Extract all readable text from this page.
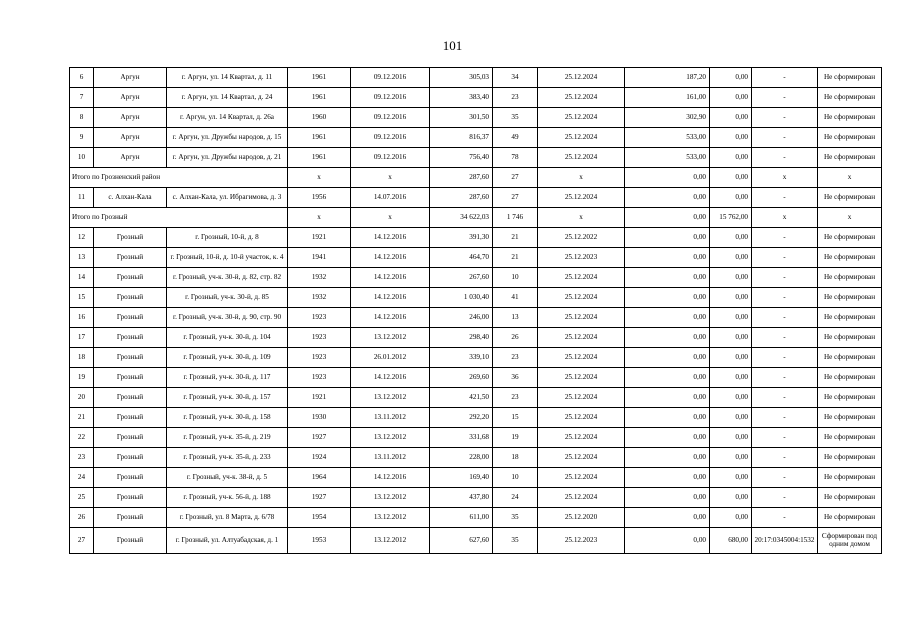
101
6	Аргун	г. Аргун, ул. 14 Квартал, д. 11	1961	09.12.2016	305,03	34	25.12.2024	187,20	0,00	-	Не сформирован
7	Аргун	г. Аргун, ул. 14 Квартал, д. 24	1961	09.12.2016	383,40	23	25.12.2024	161,00	0,00	-	Не сформирован
8	Аргун	г. Аргун, ул. 14 Квартал, д. 26а	1960	09.12.2016	301,50	35	25.12.2024	302,90	0,00	-	Не сформирован
9	Аргун	г. Аргун, ул. Дружбы народов, д. 15	1961	09.12.2016	816,37	49	25.12.2024	533,00	0,00	-	Не сформирован
10	Аргун	г. Аргун, ул. Дружбы народов, д. 21	1961	09.12.2016	756,40	78	25.12.2024	533,00	0,00	-	Не сформирован
Итого по Грозненский район			x	x	287,60	27	x	0,00	0,00	x	x
11	с. Алхан-Кала	с. Алхан-Кала, ул. Ибрагимова, д. 3	1956	14.07.2016	287,60	27	25.12.2024	0,00	0,00	-	Не сформирован
Итого по Грозный			x	x	34 622,03	1 746	x	0,00	15 762,00	x	x
12	Грозный	г. Грозный, 10-й, д. 8	1921	14.12.2016	391,30	21	25.12.2022	0,00	0,00	-	Не сформирован
13	Грозный	г. Грозный, 10-й, д. 10-й участок, к. 4	1941	14.12.2016	464,70	21	25.12.2023	0,00	0,00	-	Не сформирован
14	Грозный	г. Грозный, уч-к. 30-й, д. 82, стр. 82	1932	14.12.2016	267,60	10	25.12.2024	0,00	0,00	-	Не сформирован
15	Грозный	г. Грозный, уч-к. 30-й, д. 85	1932	14.12.2016	1 030,40	41	25.12.2024	0,00	0,00	-	Не сформирован
16	Грозный	г. Грозный, уч-к. 30-й, д. 90, стр. 90	1923	14.12.2016	246,00	13	25.12.2024	0,00	0,00	-	Не сформирован
17	Грозный	г. Грозный, уч-к. 30-й, д. 104	1923	13.12.2012	298,40	26	25.12.2024	0,00	0,00	-	Не сформирован
18	Грозный	г. Грозный, уч-к. 30-й, д. 109	1923	26.01.2012	339,10	23	25.12.2024	0,00	0,00	-	Не сформирован
19	Грозный	г. Грозный, уч-к. 30-й, д. 117	1923	14.12.2016	269,60	36	25.12.2024	0,00	0,00	-	Не сформирован
20	Грозный	г. Грозный, уч-к. 30-й, д. 157	1921	13.12.2012	421,50	23	25.12.2024	0,00	0,00	-	Не сформирован
21	Грозный	г. Грозный, уч-к. 30-й, д. 158	1930	13.11.2012	292,20	15	25.12.2024	0,00	0,00	-	Не сформирован
22	Грозный	г. Грозный, уч-к. 35-й, д. 219	1927	13.12.2012	331,68	19	25.12.2024	0,00	0,00	-	Не сформирован
23	Грозный	г. Грозный, уч-к. 35-й, д. 233	1924	13.11.2012	228,00	18	25.12.2024	0,00	0,00	-	Не сформирован
24	Грозный	г. Грозный, уч-к. 38-й, д. 5	1964	14.12.2016	169,40	10	25.12.2024	0,00	0,00	-	Не сформирован
25	Грозный	г. Грозный, уч-к. 56-й, д. 188	1927	13.12.2012	437,80	24	25.12.2024	0,00	0,00	-	Не сформирован
26	Грозный	г. Грозный, ул. 8 Марта, д. 6/78	1954	13.12.2012	611,00	35	25.12.2020	0,00	0,00	-	Не сформирован
27	Грозный	г. Грозный, ул. Алтуабадская, д. 1	1953	13.12.2012	627,60	35	25.12.2023	0,00	680,00	20:17:0345004:1532	Сформирован под одним домом
